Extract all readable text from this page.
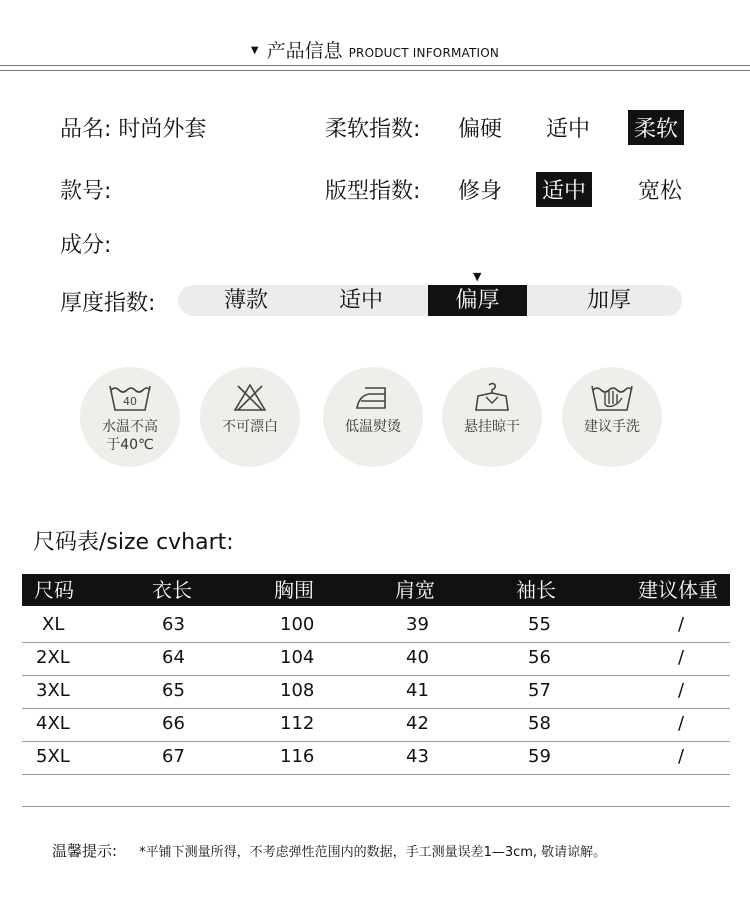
▼ 产品信息 PRODUCT INFORMATION
品名: 时尚外套
款号:
成分:
柔软指数: 偏硬 适中 柔软
版型指数: 修身 适中 宽松
厚度指数:
▼
薄款	适中	偏厚	加厚
40
水温不高
于40℃
不可漂白	低温熨烫	悬挂晾干	建议手洗
尺码表/size cvhart:
尺码	衣长	胸围	肩宽	袖长	建议体重
XL	63	100	39	55	/
2XL	64	104	40	56	/
3XL	65	108	41	57	/
4XL	66	112	42	58	/
5XL	67	116	43	59	/
温馨提示: *平铺下测量所得，不考虑弹性范围内的数据，手工测量误差1—3cm, 敬请谅解。
